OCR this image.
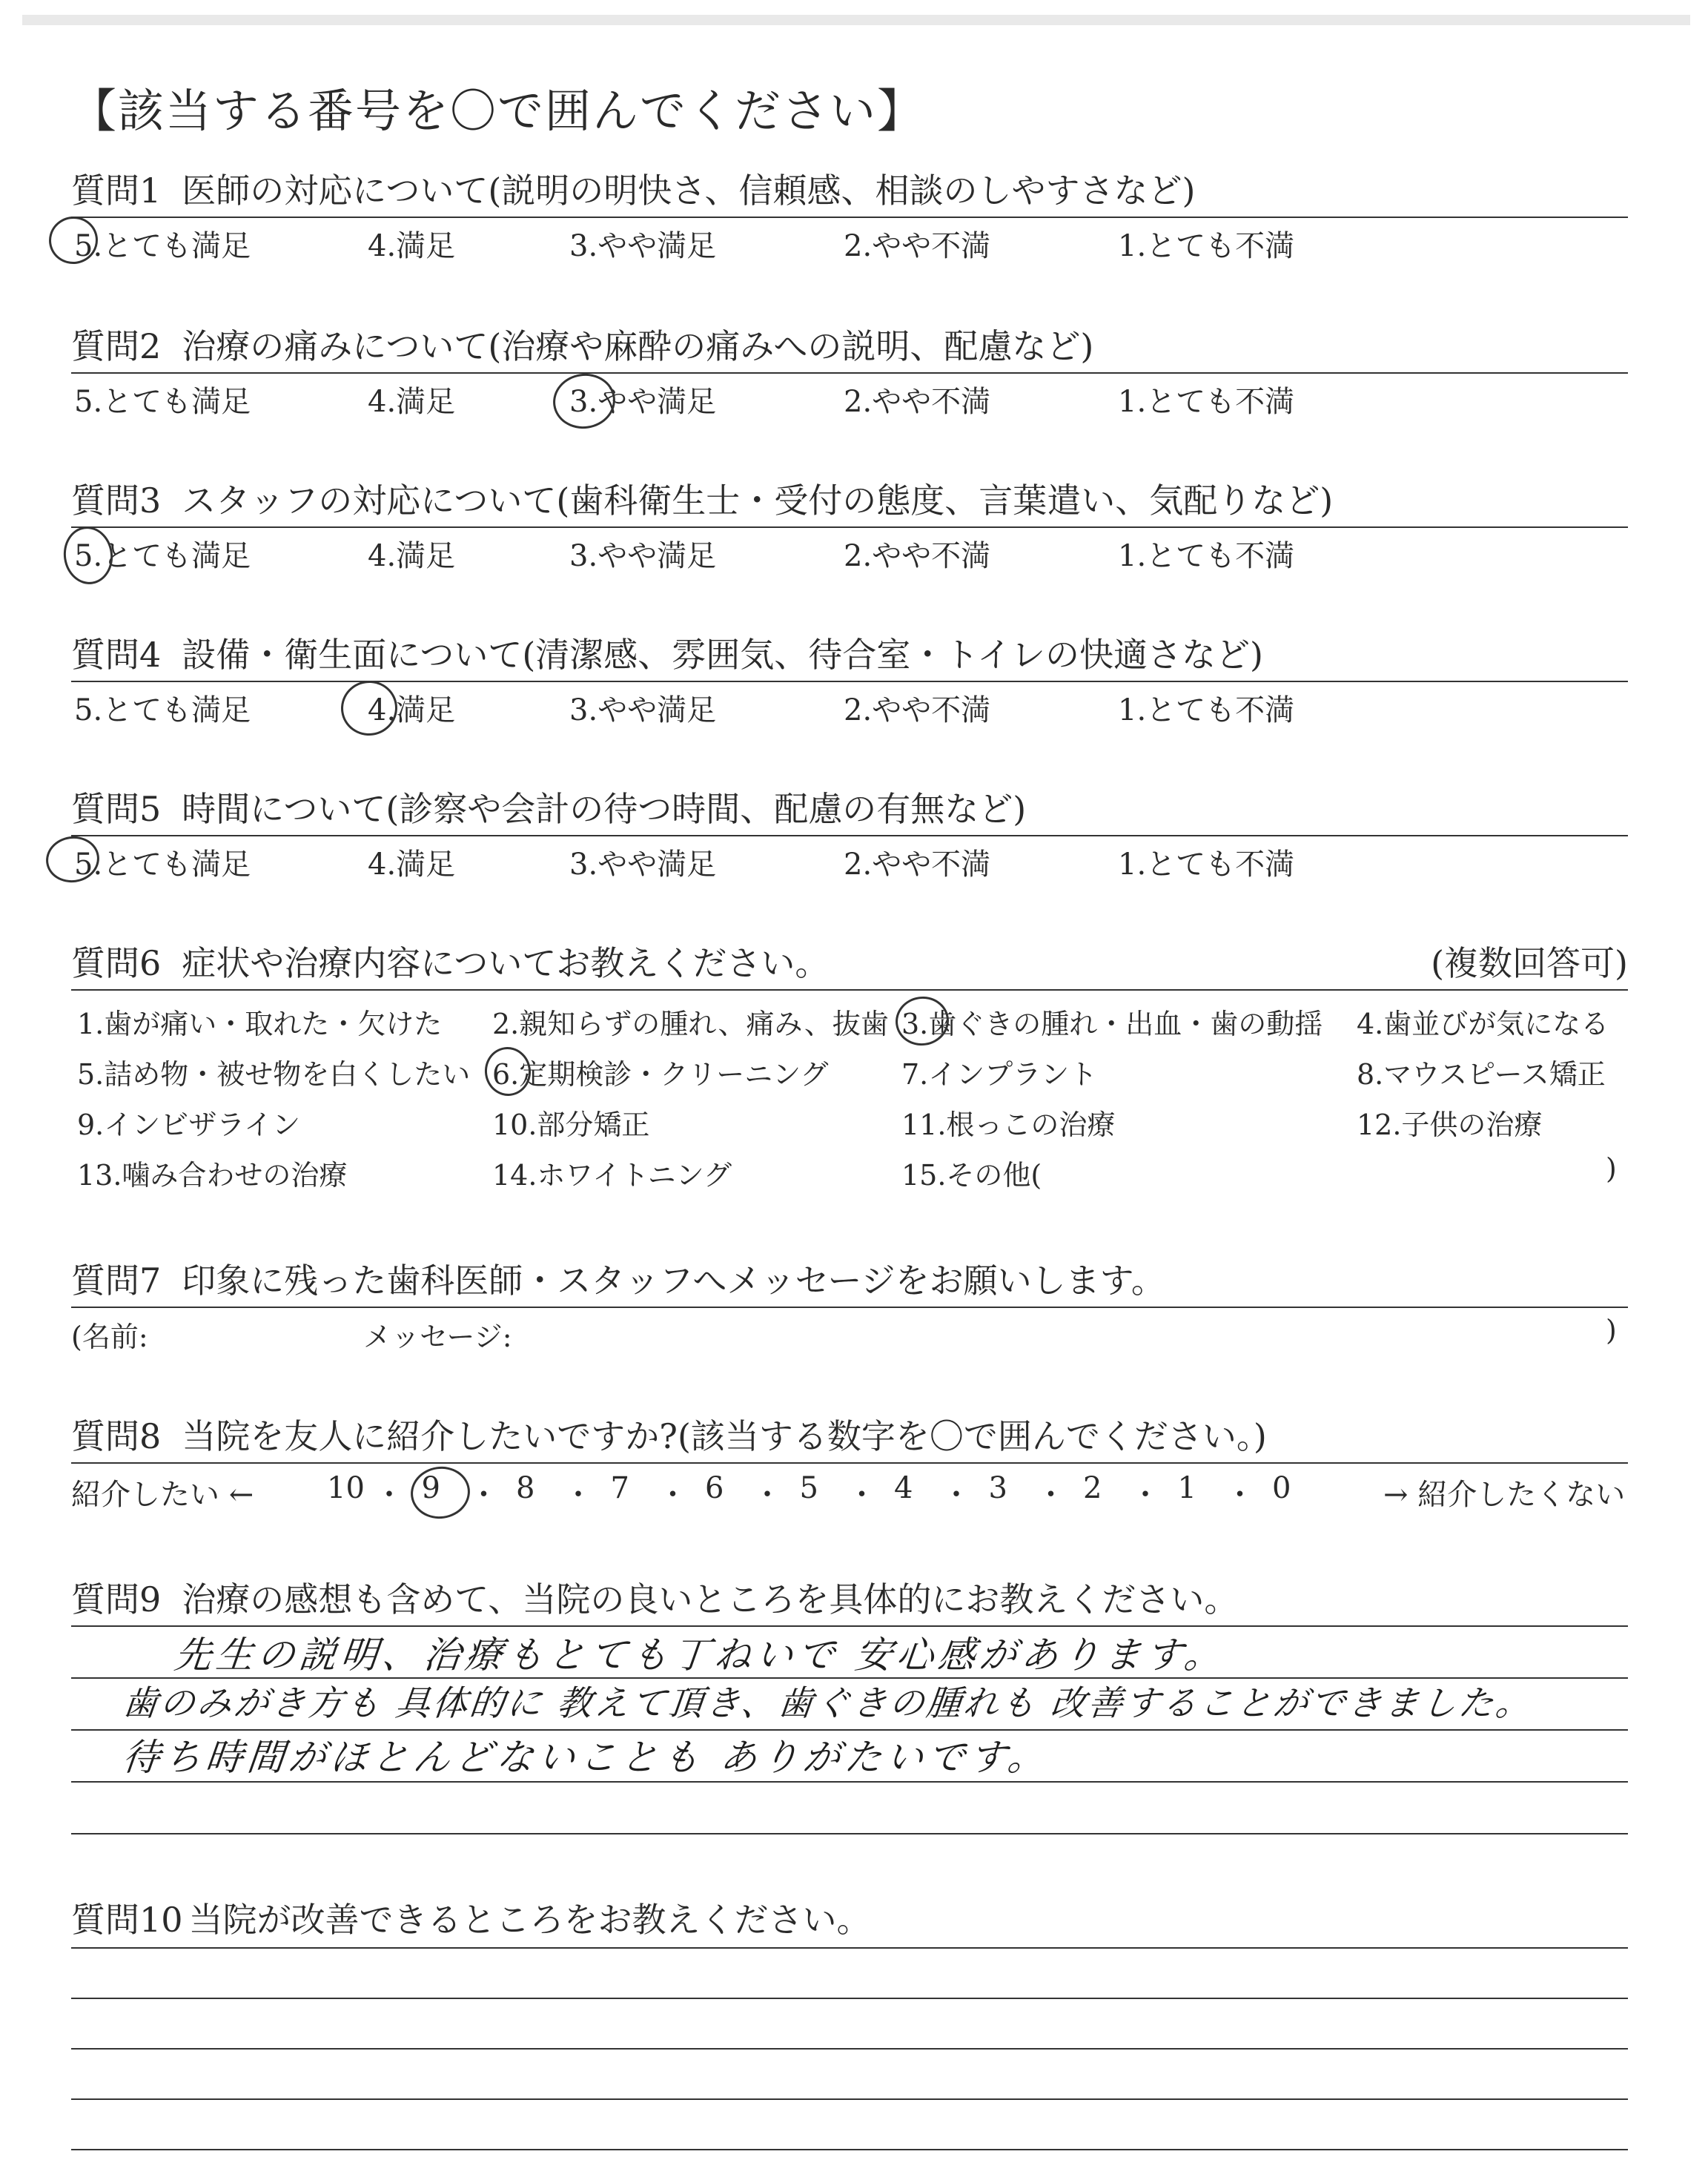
【該当する番号を〇で囲んでください】
質問1 医師の対応について(説明の明快さ、信頼感、相談のしやすさなど)
5.とても満足	4.満足	3.やや満足	2.やや不満	1.とても不満
質問2 治療の痛みについて(治療や麻酔の痛みへの説明、配慮など)
5.とても満足	4.満足	3.やや満足	2.やや不満	1.とても不満
質問3 スタッフの対応について(歯科衛生士・受付の態度、言葉遣い、気配りなど)
5.とても満足	4.満足	3.やや満足	2.やや不満	1.とても不満
質問4 設備・衛生面について(清潔感、雰囲気、待合室・トイレの快適さなど)
5.とても満足	4.満足	3.やや満足	2.やや不満	1.とても不満
質問5 時間について(診察や会計の待つ時間、配慮の有無など)
5.とても満足	4.満足	3.やや満足	2.やや不満	1.とても不満
質問6 症状や治療内容についてお教えください。	(複数回答可)
1.歯が痛い・取れた・欠けた 2.親知らずの腫れ、痛み、抜歯 3.歯ぐきの腫れ・出血・歯の動揺 4.歯並びが気になる
5.詰め物・被せ物を白くしたい 6.定期検診・クリーニング	7.インプラント	8.マウスピース矯正
9.インビザライン	10.部分矯正	11.根っこの治療	12.子供の治療
13.噛み合わせの治療	14.ホワイトニング	15.その他(	)
質問7 印象に残った歯科医師・スタッフへメッセージをお願いします。
(名前:	メッセージ:	)
質問8 当院を友人に紹介したいですか?(該当する数字を〇で囲んでください。)
紹介したい ←	→ 紹介したくない
10 ・ 9 ・ 8 ・ 7 ・ 6 ・ 5 ・ 4 ・ 3 ・ 2 ・ 1 ・ 0
質問9 治療の感想も含めて、当院の良いところを具体的にお教えください。
先生の説明、治療もとても丁ねいで 安心感があります。
歯のみがき方も 具体的に 教えて頂き、歯ぐきの腫れも 改善することができました。
待ち時間がほとんどないことも ありがたいです。
質問10 当院が改善できるところをお教えください。
